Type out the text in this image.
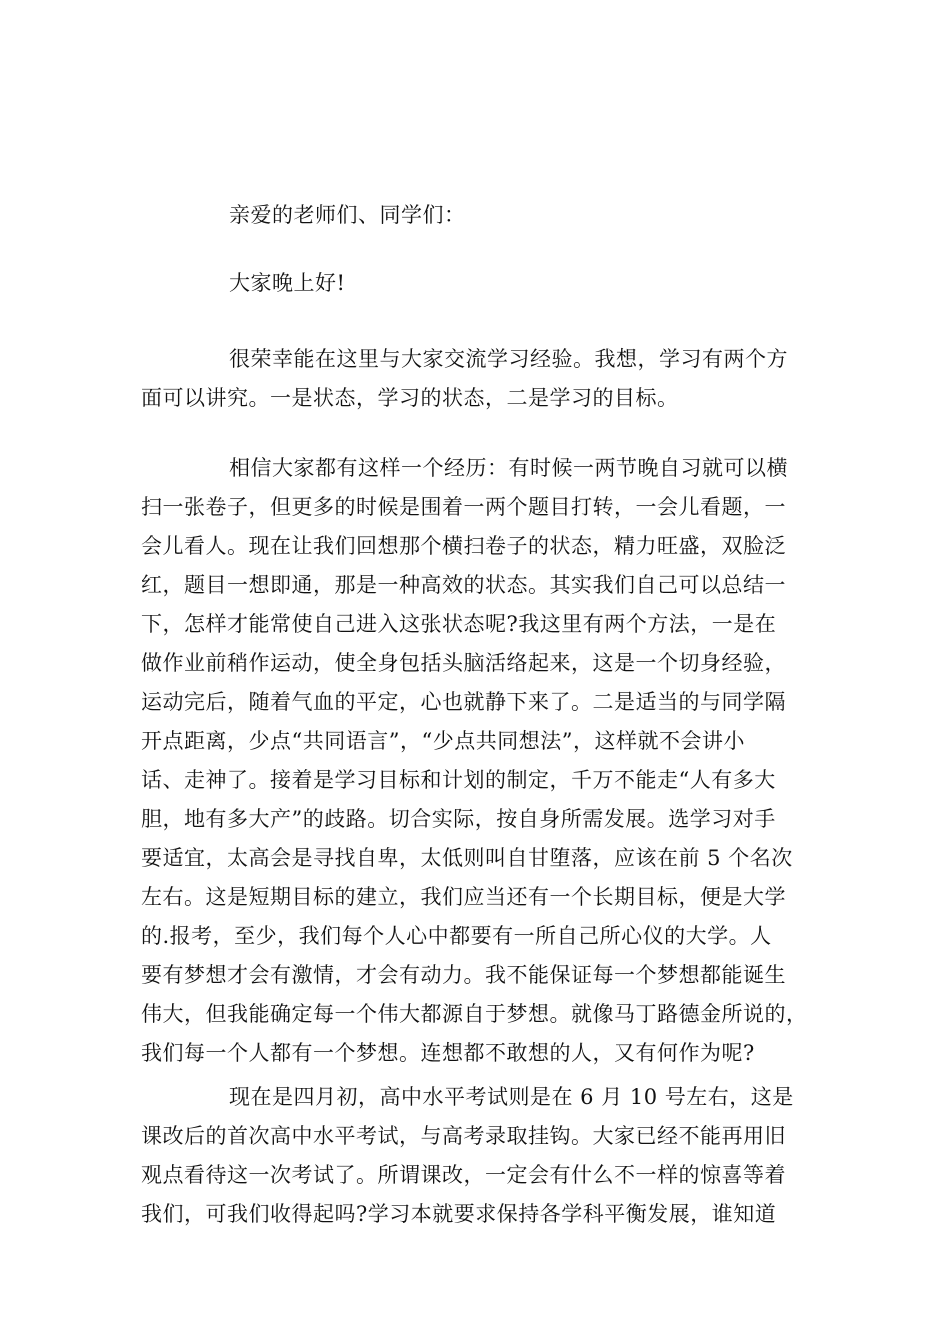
亲爱的老师们、同学们：
大家晚上好!
很荣幸能在这里与大家交流学习经验。我想，学习有两个方
面可以讲究。一是状态，学习的状态，二是学习的目标。
相信大家都有这样一个经历：有时候一两节晚自习就可以横
扫一张卷子，但更多的时候是围着一两个题目打转，一会儿看题，一
会儿看人。现在让我们回想那个横扫卷子的状态，精力旺盛，双脸泛
红，题目一想即通，那是一种高效的状态。其实我们自己可以总结一
下，怎样才能常使自己进入这张状态呢?我这里有两个方法，一是在
做作业前稍作运动，使全身包括头脑活络起来，这是一个切身经验，
运动完后，随着气血的平定，心也就静下来了。二是适当的与同学隔
开点距离，少点“共同语言”，“少点共同想法”，这样就不会讲小
话、走神了。接着是学习目标和计划的制定，千万不能走“人有多大
胆，地有多大产”的歧路。切合实际，按自身所需发展。选学习对手
要适宜，太高会是寻找自卑，太低则叫自甘堕落，应该在前 5 个名次
左右。这是短期目标的建立，我们应当还有一个长期目标，便是大学
的.报考，至少，我们每个人心中都要有一所自己所心仪的大学。人
要有梦想才会有激情，才会有动力。我不能保证每一个梦想都能诞生
伟大，但我能确定每一个伟大都源自于梦想。就像马丁路德金所说的，
我们每一个人都有一个梦想。连想都不敢想的人，又有何作为呢?
现在是四月初，高中水平考试则是在 6 月 10 号左右，这是
课改后的首次高中水平考试，与高考录取挂钩。大家已经不能再用旧
观点看待这一次考试了。所谓课改，一定会有什么不一样的惊喜等着
我们，可我们收得起吗?学习本就要求保持各学科平衡发展，谁知道
